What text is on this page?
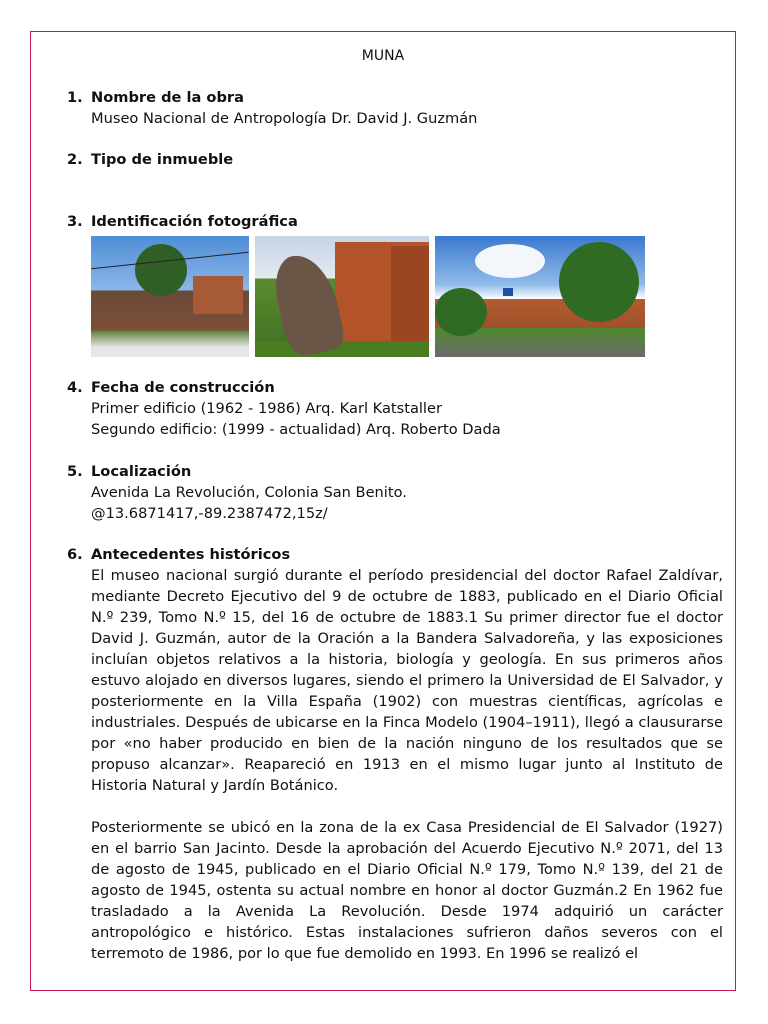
MUNA
1. Nombre de la obra

Museo Nacional de Antropología Dr. David J. Guzmán

2. Tipo de inmueble
3. Identificación fotográfica
4. Fecha de construcción

Primer edificio (1962 - 1986) Arq. Karl Katstaller

Segundo edificio: (1999 - actualidad) Arq. Roberto Dada

5. Localización

Avenida La Revolución, Colonia San Benito.

@13.6871417,-89.2387472,15z/

6. Antecedentes históricos

El museo nacional surgió durante el período presidencial del doctor Rafael Zaldívar, mediante Decreto Ejecutivo del 9 de octubre de 1883, publicado en el Diario Oficial N.º 239, Tomo N.º 15, del 16 de octubre de 1883.1 Su primer director fue el doctor David J. Guzmán, autor de la Oración a la Bandera Salvadoreña, y las exposiciones incluían objetos relativos a la historia, biología y geología. En sus primeros años estuvo alojado en diversos lugares, siendo el primero la Universidad de El Salvador, y posteriormente en la Villa España (1902) con muestras científicas, agrícolas e industriales. Después de ubicarse en la Finca Modelo (1904–1911), llegó a clausurarse por «no haber producido en bien de la nación ninguno de los resultados que se propuso alcanzar». Reapareció en 1913 en el mismo lugar junto al Instituto de Historia Natural y Jardín Botánico.

Posteriormente se ubicó en la zona de la ex Casa Presidencial de El Salvador (1927) en el barrio San Jacinto. Desde la aprobación del Acuerdo Ejecutivo N.º 2071, del 13 de agosto de 1945, publicado en el Diario Oficial N.º 179, Tomo N.º 139, del 21 de agosto de 1945, ostenta su actual nombre en honor al doctor Guzmán.2 En 1962 fue trasladado a la Avenida La Revolución. Desde 1974 adquirió un carácter antropológico e histórico. Estas instalaciones sufrieron daños severos con el terremoto de 1986, por lo que fue demolido en 1993. En 1996 se realizó el
